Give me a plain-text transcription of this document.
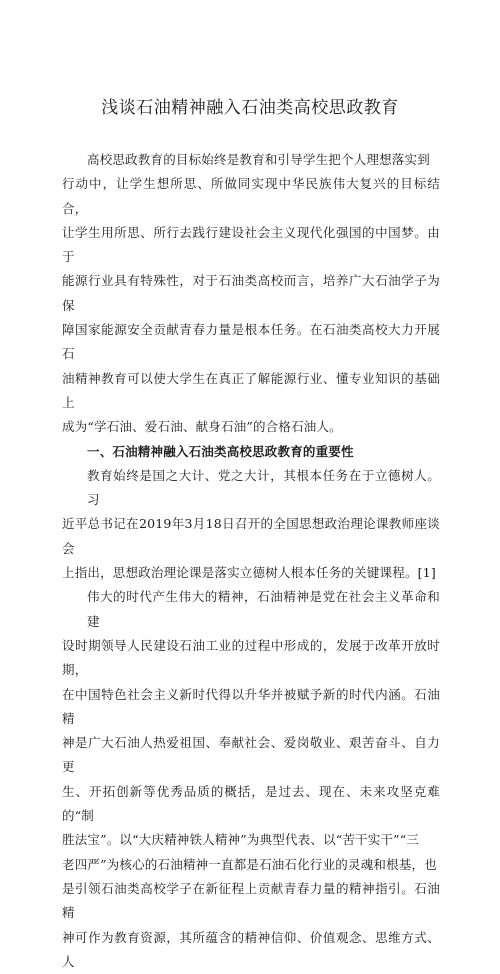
浅谈石油精神融入石油类高校思政教育

高校思政教育的目标始终是教育和引导学生把个人理想落实到
行动中，让学生想所思、所做同实现中华民族伟大复兴的目标结合，
让学生用所思、所行去践行建设社会主义现代化强国的中国梦。由于
能源行业具有特殊性，对于石油类高校而言，培养广大石油学子为保
障国家能源安全贡献青春力量是根本任务。在石油类高校大力开展石
油精神教育可以使大学生在真正了解能源行业、懂专业知识的基础上
成为“学石油、爱石油、献身石油”的合格石油人。

一、石油精神融入石油类高校思政教育的重要性

教育始终是国之大计、党之大计，其根本任务在于立德树人。习
近平总书记在2019年3月18日召开的全国思想政治理论课教师座谈会
上指出，思想政治理论课是落实立德树人根本任务的关键课程。[1]

伟大的时代产生伟大的精神，石油精神是党在社会主义革命和建
设时期领导人民建设石油工业的过程中形成的，发展于改革开放时期，
在中国特色社会主义新时代得以升华并被赋予新的时代内涵。石油精
神是广大石油人热爱祖国、奉献社会、爱岗敬业、艰苦奋斗、自力更
生、开拓创新等优秀品质的概括，是过去、现在、未来攻坚克难的“制
胜法宝”。以“大庆精神铁人精神”为典型代表、以“苦干实干”“三
老四严”为核心的石油精神一直都是石油石化行业的灵魂和根基，也
是引领石油类高校学子在新征程上贡献青春力量的精神指引。石油精
神可作为教育资源，其所蕴含的精神信仰、价值观念、思维方式、人
